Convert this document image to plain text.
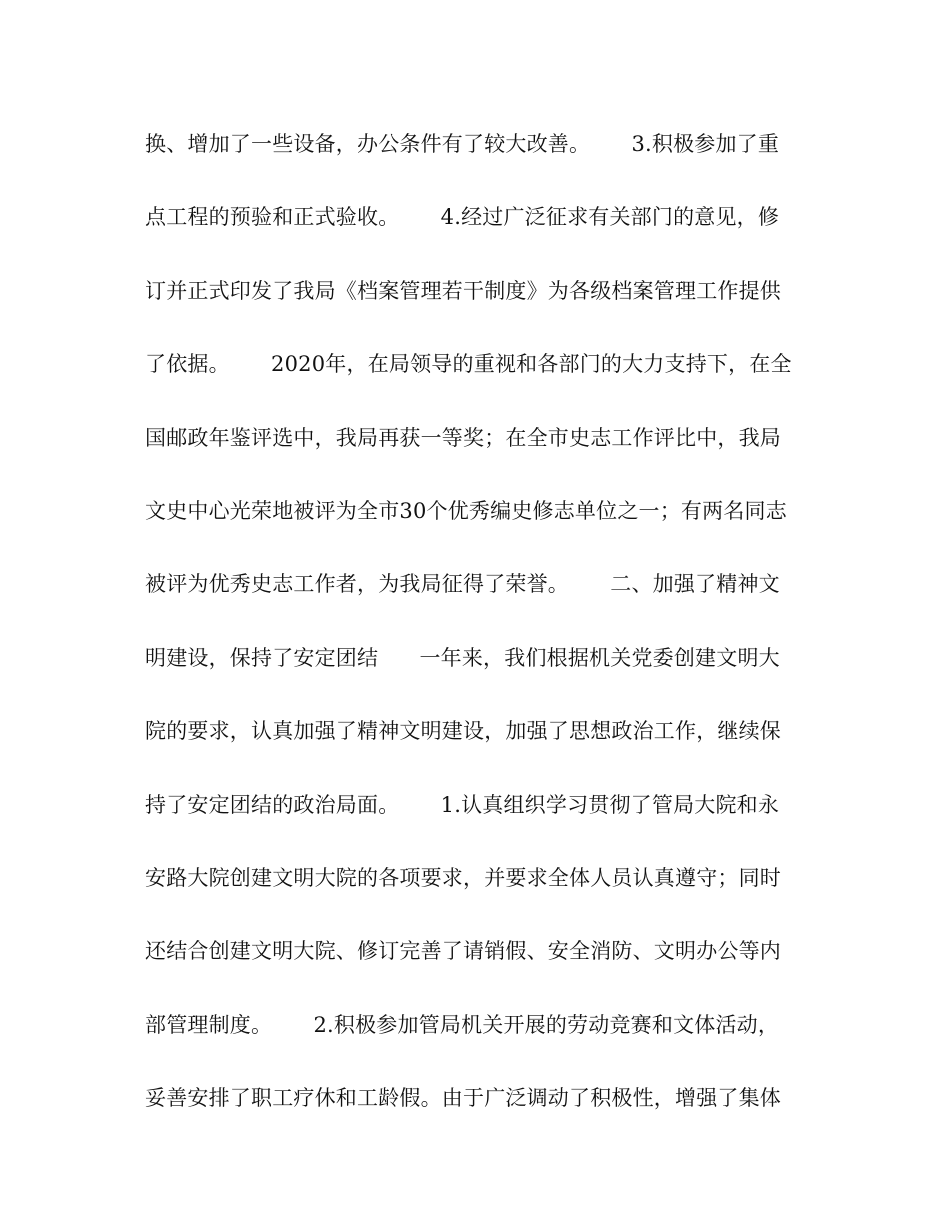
换、增加了一些设备，办公条件有了较大改善。      3.积极参加了重
点工程的预验和正式验收。      4.经过广泛征求有关部门的意见，修
订并正式印发了我局《档案管理若干制度》为各级档案管理工作提供
了依据。      2020年，在局领导的重视和各部门的大力支持下，在全
国邮政年鉴评选中，我局再获一等奖；在全市史志工作评比中，我局
文史中心光荣地被评为全市30个优秀编史修志单位之一；有两名同志
被评为优秀史志工作者，为我局征得了荣誉。      二、加强了精神文
明建设，保持了安定团结      一年来，我们根据机关党委创建文明大
院的要求，认真加强了精神文明建设，加强了思想政治工作，继续保
持了安定团结的政治局面。      1.认真组织学习贯彻了管局大院和永
安路大院创建文明大院的各项要求，并要求全体人员认真遵守；同时
还结合创建文明大院、修订完善了请销假、安全消防、文明办公等内
部管理制度。      2.积极参加管局机关开展的劳动竞赛和文体活动，
妥善安排了职工疗休和工龄假。由于广泛调动了积极性，增强了集体
